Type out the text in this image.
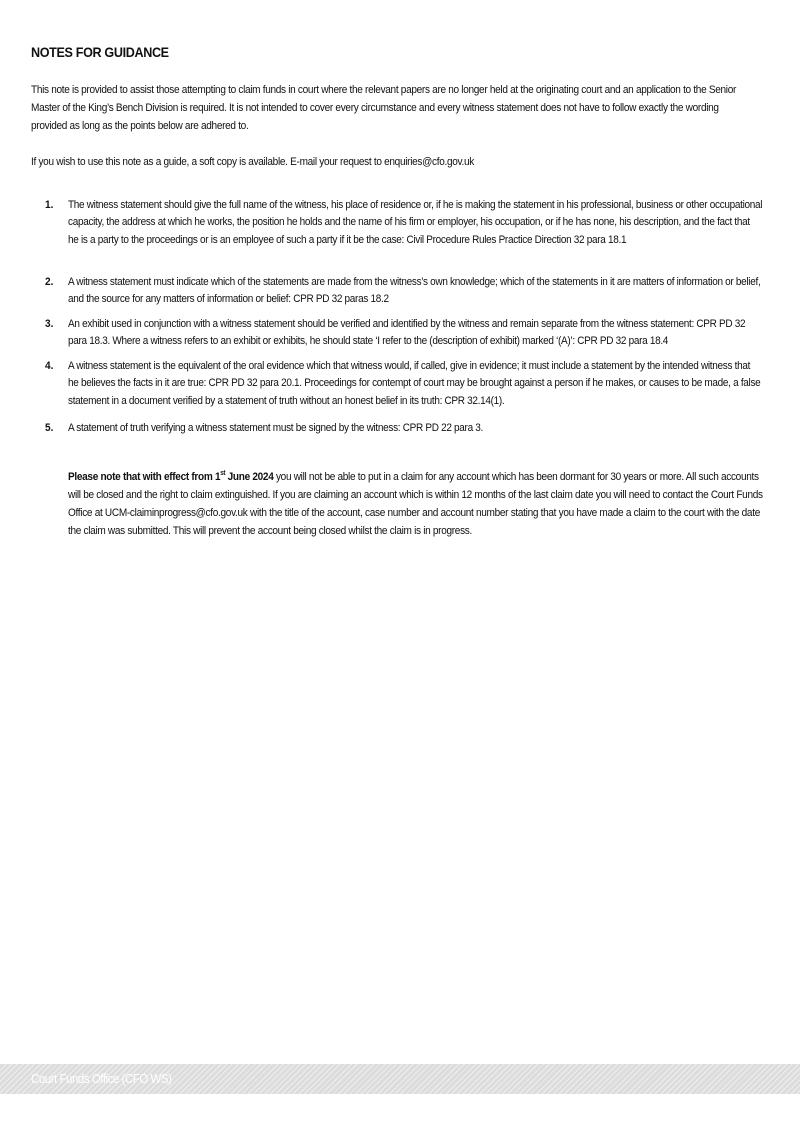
NOTES FOR GUIDANCE

This note is provided to assist those attempting to claim funds in court where the relevant papers are no longer held at the originating court and an application to the Senior Master of the King’s Bench Division is required. It is not intended to cover every circumstance and every witness statement does not have to follow exactly the wording provided as long as the points below are adhered to.

If you wish to use this note as a guide, a soft copy is available. E-mail your request to enquiries@cfo.gov.uk

1. The witness statement should give the full name of the witness, his place of residence or, if he is making the statement in his professional, business or other occupational capacity, the address at which he works, the position he holds and the name of his firm or employer, his occupation, or if he has none, his description, and the fact that he is a party to the proceedings or is an employee of such a party if it be the case: Civil Procedure Rules Practice Direction 32 para 18.1
2. A witness statement must indicate which of the statements are made from the witness’s own knowledge; which of the statements in it are matters of information or belief, and the source for any matters of information or belief: CPR PD 32 paras 18.2
3. An exhibit used in conjunction with a witness statement should be verified and identified by the witness and remain separate from the witness statement: CPR PD 32 para 18.3. Where a witness refers to an exhibit or exhibits, he should state ‘I refer to the (description of exhibit) marked ‘(A)’: CPR PD 32 para 18.4
4. A witness statement is the equivalent of the oral evidence which that witness would, if called, give in evidence; it must include a statement by the intended witness that he believes the facts in it are true: CPR PD 32 para 20.1. Proceedings for contempt of court may be brought against a person if he makes, or causes to be made, a false statement in a document verified by a statement of truth without an honest belief in its truth: CPR 32.14(1).
5. A statement of truth verifying a witness statement must be signed by the witness: CPR PD 22 para 3.

Please note that with effect from 1st June 2024 you will not be able to put in a claim for any account which has been dormant for 30 years or more. All such accounts will be closed and the right to claim extinguished. If you are claiming an account which is within 12 months of the last claim date you will need to contact the Court Funds Office at UCM-claiminprogress@cfo.gov.uk with the title of the account, case number and account number stating that you have made a claim to the court with the date the claim was submitted. This will prevent the account being closed whilst the claim is in progress.

Court Funds Office (CFO WS)
